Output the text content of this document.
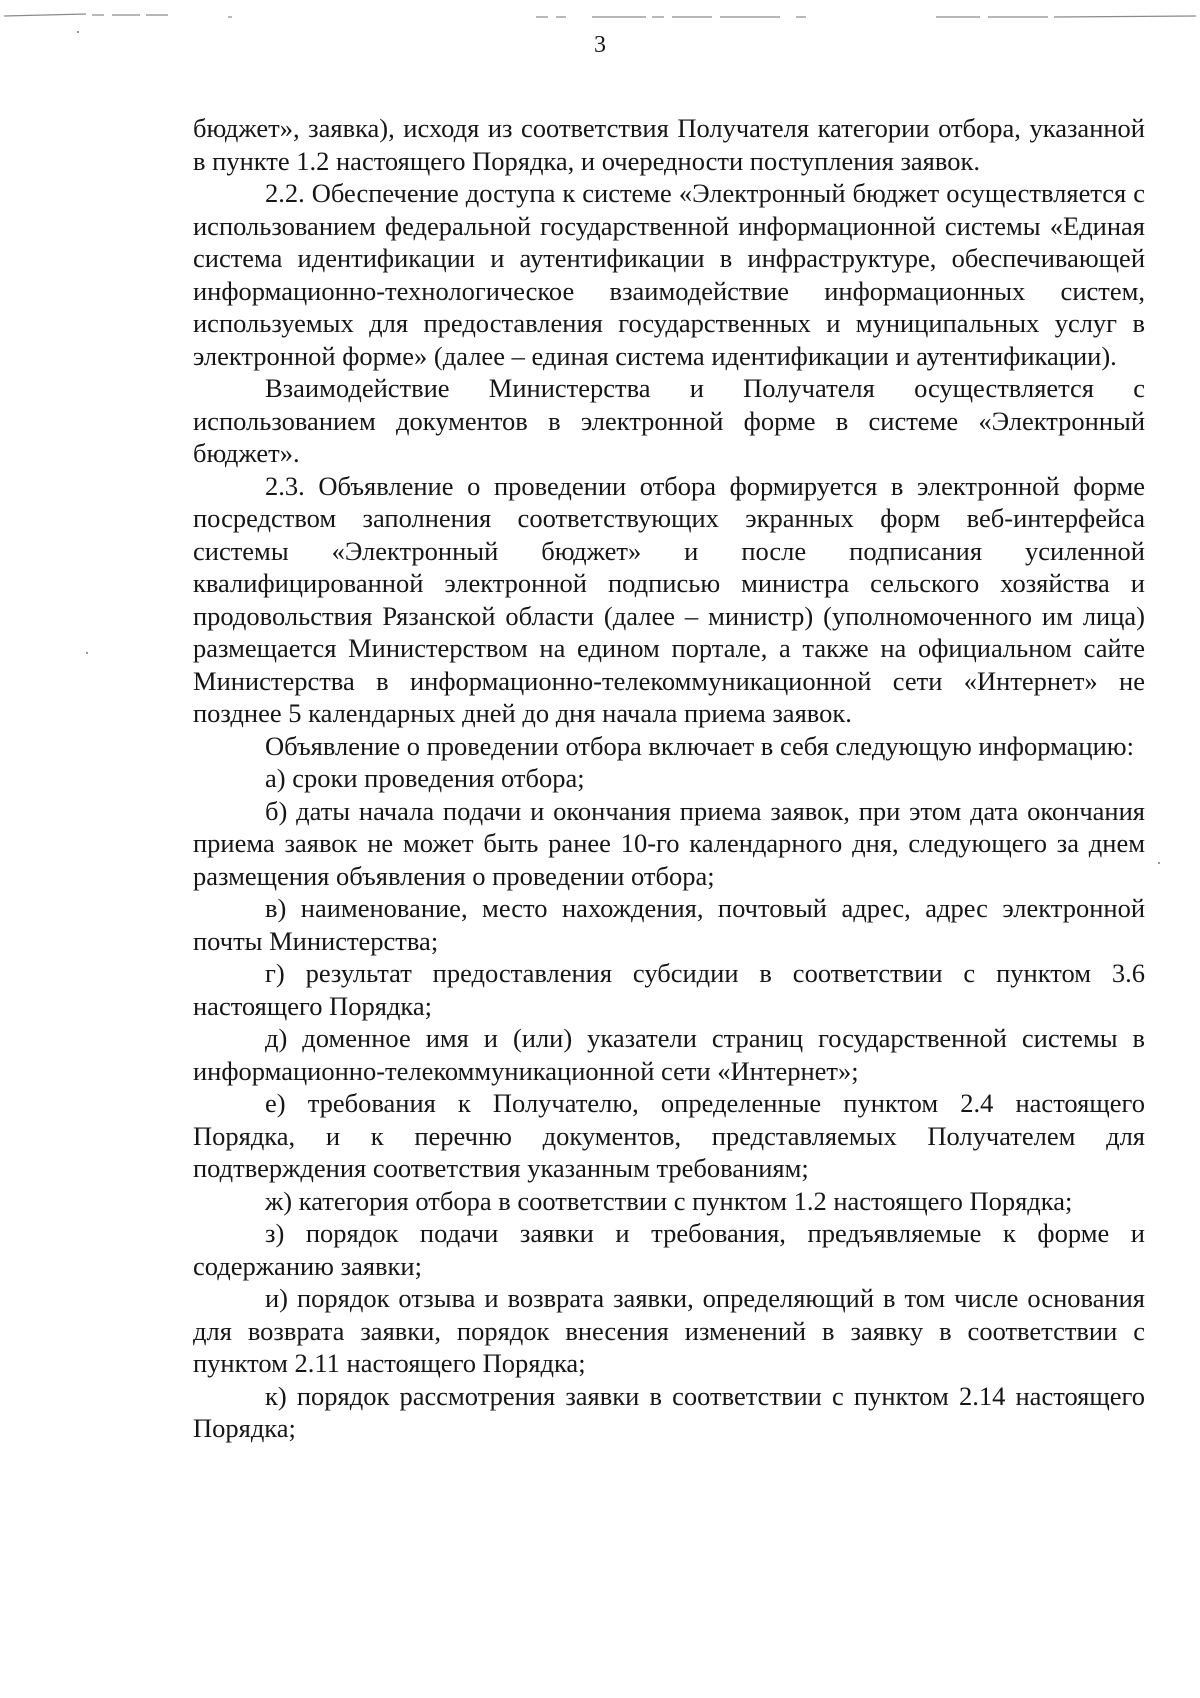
3

бюджет», заявка), исходя из соответствия Получателя категории отбора, указанной в пункте 1.2 настоящего Порядка, и очередности поступления заявок.

2.2. Обеспечение доступа к системе «Электронный бюджет осуществляется с использованием федеральной государственной информационной системы «Единая система идентификации и аутентификации в инфраструктуре, обеспечивающей информационно-технологическое взаимодействие информационных систем, используемых для предоставления государственных и муниципальных услуг в электронной форме» (далее – единая система идентификации и аутентификации).

Взаимодействие Министерства и Получателя осуществляется с использованием документов в электронной форме в системе «Электронный бюджет».

2.3. Объявление о проведении отбора формируется в электронной форме посредством заполнения соответствующих экранных форм веб-интерфейса системы «Электронный бюджет» и после подписания усиленной квалифицированной электронной подписью министра сельского хозяйства и продовольствия Рязанской области (далее – министр) (уполномоченного им лица) размещается Министерством на едином портале, а также на официальном сайте Министерства в информационно-телекоммуникационной сети «Интернет» не позднее 5 календарных дней до дня начала приема заявок.

Объявление о проведении отбора включает в себя следующую информацию:

а) сроки проведения отбора;

б) даты начала подачи и окончания приема заявок, при этом дата окончания приема заявок не может быть ранее 10-го календарного дня, следующего за днем размещения объявления о проведении отбора;

в) наименование, место нахождения, почтовый адрес, адрес электронной почты Министерства;

г) результат предоставления субсидии в соответствии с пунктом 3.6 настоящего Порядка;

д) доменное имя и (или) указатели страниц государственной системы в информационно-телекоммуникационной сети «Интернет»;

е) требования к Получателю, определенные пунктом 2.4 настоящего Порядка, и к перечню документов, представляемых Получателем для подтверждения соответствия указанным требованиям;

ж) категория отбора в соответствии с пунктом 1.2 настоящего Порядка;

з) порядок подачи заявки и требования, предъявляемые к форме и содержанию заявки;

и) порядок отзыва и возврата заявки, определяющий в том числе основания для возврата заявки, порядок внесения изменений в заявку в соответствии с пунктом 2.11 настоящего Порядка;

к) порядок рассмотрения заявки в соответствии с пунктом 2.14 настоящего Порядка;
